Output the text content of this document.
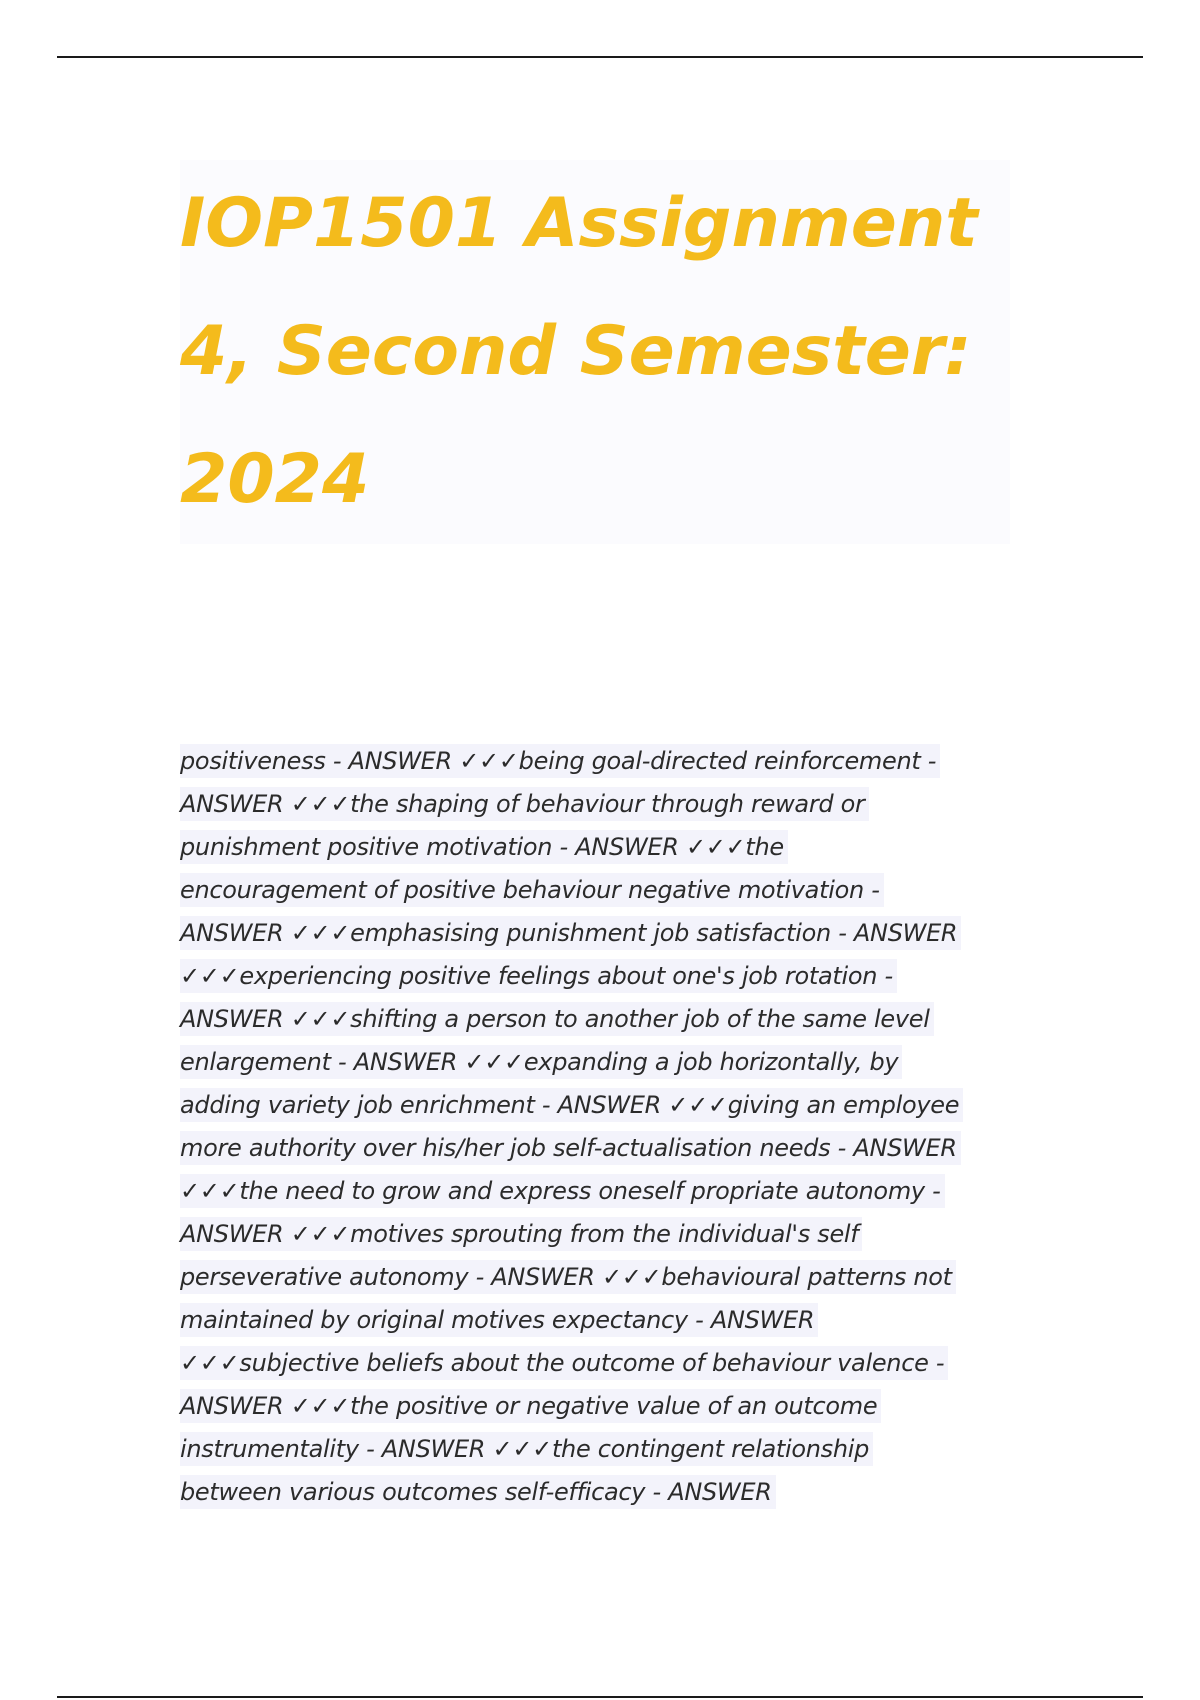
IOP1501 Assignment
4, Second Semester:
2024
positiveness - ANSWER ✓✓✓being goal-directed reinforcement -
ANSWER ✓✓✓the shaping of behaviour through reward or
punishment positive motivation - ANSWER ✓✓✓the
encouragement of positive behaviour negative motivation -
ANSWER ✓✓✓emphasising punishment job satisfaction - ANSWER
✓✓✓experiencing positive feelings about one's job rotation -
ANSWER ✓✓✓shifting a person to another job of the same level
enlargement - ANSWER ✓✓✓expanding a job horizontally, by
adding variety job enrichment - ANSWER ✓✓✓giving an employee
more authority over his/her job self-actualisation needs - ANSWER
✓✓✓the need to grow and express oneself propriate autonomy -
ANSWER ✓✓✓motives sprouting from the individual's self
perseverative autonomy - ANSWER ✓✓✓behavioural patterns not
maintained by original motives expectancy - ANSWER
✓✓✓subjective beliefs about the outcome of behaviour valence -
ANSWER ✓✓✓the positive or negative value of an outcome
instrumentality - ANSWER ✓✓✓the contingent relationship
between various outcomes self-efficacy - ANSWER
